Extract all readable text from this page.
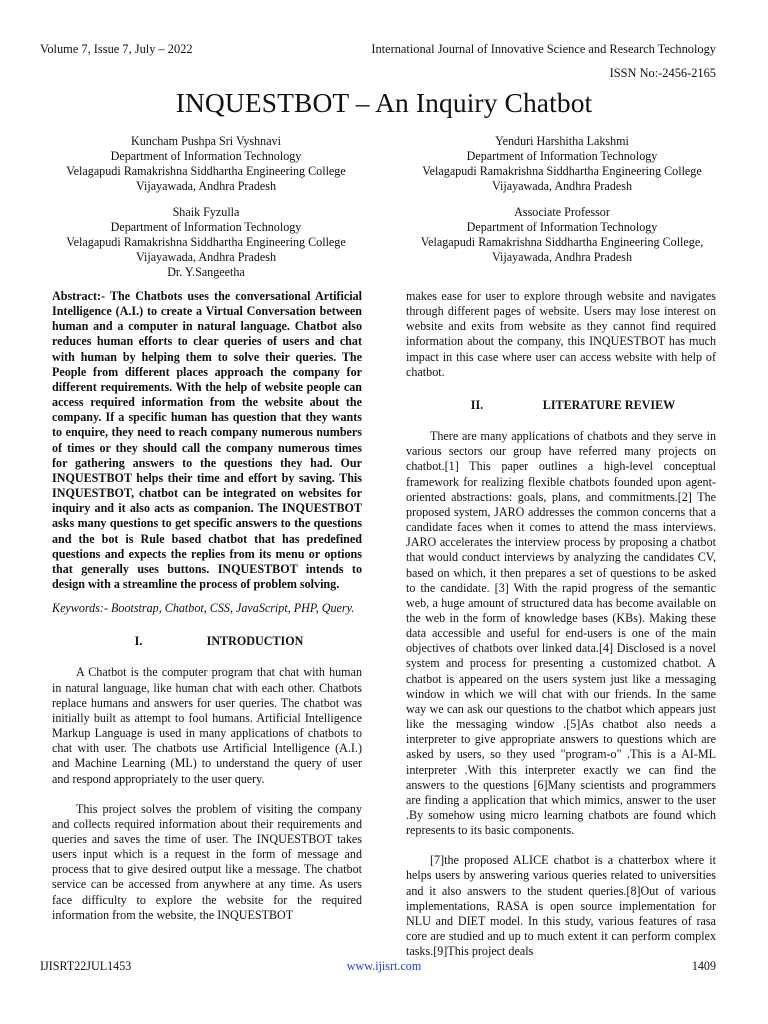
Volume 7, Issue 7, July – 2022	International Journal of Innovative Science and Research Technology
ISSN No:-2456-2165
INQUESTBOT – An Inquiry Chatbot
Kuncham Pushpa Sri Vyshnavi
Department of Information Technology
Velagapudi Ramakrishna Siddhartha Engineering College
Vijayawada, Andhra Pradesh
Yenduri Harshitha Lakshmi
Department of Information Technology
Velagapudi Ramakrishna Siddhartha Engineering College
Vijayawada, Andhra Pradesh
Shaik Fyzulla
Department of Information Technology
Velagapudi Ramakrishna Siddhartha Engineering College
Vijayawada, Andhra Pradesh
Dr. Y.Sangeetha
Associate Professor
Department of Information Technology
Velagapudi Ramakrishna Siddhartha Engineering College,
Vijayawada, Andhra Pradesh

Abstract:- The Chatbots uses the conversational Artificial Intelligence (A.I.) to create a Virtual Conversation between human and a computer in natural language. Chatbot also reduces human efforts to clear queries of users and chat with human by helping them to solve their queries. The People from different places approach the company for different requirements. With the help of website people can access required information from the website about the company. If a specific human has question that they wants to enquire, they need to reach company numerous numbers of times or they should call the company numerous times for gathering answers to the questions they had. Our INQUESTBOT helps their time and effort by saving. This INQUESTBOT, chatbot can be integrated on websites for inquiry and it also acts as companion. The INQUESTBOT asks many questions to get specific answers to the questions and the bot is Rule based chatbot that has predefined questions and expects the replies from its menu or options that generally uses buttons. INQUESTBOT intends to design with a streamline the process of problem solving.

Keywords:- Bootstrap, Chatbot, CSS, JavaScript, PHP, Query.

I.	INTRODUCTION

A Chatbot is the computer program that chat with human in natural language, like human chat with each other. Chatbots replace humans and answers for user queries. The chatbot was initially built as attempt to fool humans. Artificial Intelligence Markup Language is used in many applications of chatbots to chat with user. The chatbots use Artificial Intelligence (A.I.) and Machine Learning (ML) to understand the query of user and respond appropriately to the user query.

This project solves the problem of visiting the company and collects required information about their requirements and queries and saves the time of user. The INQUESTBOT takes users input which is a request in the form of message and process that to give desired output like a message. The chatbot service can be accessed from anywhere at any time. As users face difficulty to explore the website for the required information from the website, the INQUESTBOT

makes ease for user to explore through website and navigates through different pages of website. Users may lose interest on website and exits from website as they cannot find required information about the company, this INQUESTBOT has much impact in this case where user can access website with help of chatbot.

II.	LITERATURE REVIEW

There are many applications of chatbots and they serve in various sectors our group have referred many projects on chatbot.[1] This paper outlines a high-level conceptual framework for realizing flexible chatbots founded upon agent-oriented abstractions: goals, plans, and commitments.[2] The proposed system, JARO addresses the common concerns that a candidate faces when it comes to attend the mass interviews. JARO accelerates the interview process by proposing a chatbot that would conduct interviews by analyzing the candidates CV, based on which, it then prepares a set of questions to be asked to the candidate. [3] With the rapid progress of the semantic web, a huge amount of structured data has become available on the web in the form of knowledge bases (KBs). Making these data accessible and useful for end-users is one of the main objectives of chatbots over linked data.[4] Disclosed is a novel system and process for presenting a customized chatbot. A chatbot is appeared on the users system just like a messaging window in which we will chat with our friends. In the same way we can ask our questions to the chatbot which appears just like the messaging window .[5]As chatbot also needs a interpreter to give appropriate answers to questions which are asked by users, so they used "program-o" .This is a AI-ML interpreter .With this interpreter exactly we can find the answers to the questions [6]Many scientists and programmers are finding a application that which mimics, answer to the user .By somehow using micro learning chatbots are found which represents to its basic components.

[7]the proposed ALICE chatbot is a chatterbox where it helps users by answering various queries related to universities and it also answers to the student queries.[8]Out of various implementations, RASA is open source implementation for NLU and DIET model. In this study, various features of rasa core are studied and up to much extent it can perform complex tasks.[9]This project deals

IJISRT22JUL1453	www.ijisrt.com	1409
